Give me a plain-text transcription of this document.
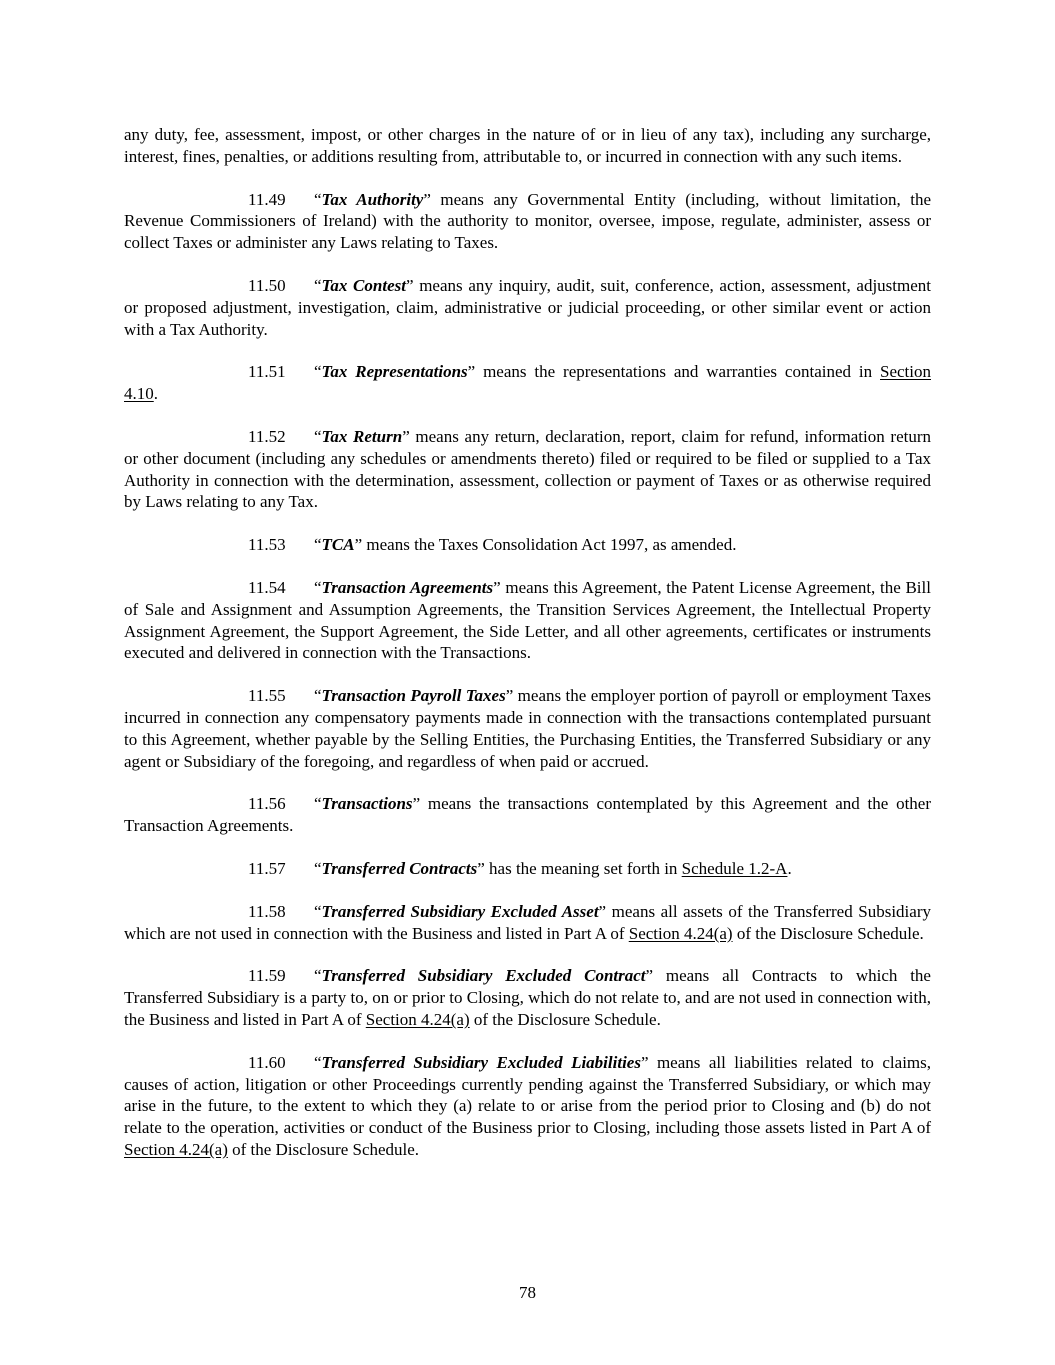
any duty, fee, assessment, impost, or other charges in the nature of or in lieu of any tax), including any surcharge, interest, fines, penalties, or additions resulting from, attributable to, or incurred in connection with any such items.

11.49 “Tax Authority” means any Governmental Entity (including, without limitation, the Revenue Commissioners of Ireland) with the authority to monitor, oversee, impose, regulate, administer, assess or collect Taxes or administer any Laws relating to Taxes.

11.50 “Tax Contest” means any inquiry, audit, suit, conference, action, assessment, adjustment or proposed adjustment, investigation, claim, administrative or judicial proceeding, or other similar event or action with a Tax Authority.

11.51 “Tax Representations” means the representations and warranties contained in Section 4.10.

11.52 “Tax Return” means any return, declaration, report, claim for refund, information return or other document (including any schedules or amendments thereto) filed or required to be filed or supplied to a Tax Authority in connection with the determination, assessment, collection or payment of Taxes or as otherwise required by Laws relating to any Tax.

11.53 “TCA” means the Taxes Consolidation Act 1997, as amended.

11.54 “Transaction Agreements” means this Agreement, the Patent License Agreement, the Bill of Sale and Assignment and Assumption Agreements, the Transition Services Agreement, the Intellectual Property Assignment Agreement, the Support Agreement, the Side Letter, and all other agreements, certificates or instruments executed and delivered in connection with the Transactions.

11.55 “Transaction Payroll Taxes” means the employer portion of payroll or employment Taxes incurred in connection any compensatory payments made in connection with the transactions contemplated pursuant to this Agreement, whether payable by the Selling Entities, the Purchasing Entities, the Transferred Subsidiary or any agent or Subsidiary of the foregoing, and regardless of when paid or accrued.

11.56 “Transactions” means the transactions contemplated by this Agreement and the other Transaction Agreements.

11.57 “Transferred Contracts” has the meaning set forth in Schedule 1.2-A.

11.58 “Transferred Subsidiary Excluded Asset” means all assets of the Transferred Subsidiary which are not used in connection with the Business and listed in Part A of Section 4.24(a) of the Disclosure Schedule.

11.59 “Transferred Subsidiary Excluded Contract” means all Contracts to which the Transferred Subsidiary is a party to, on or prior to Closing, which do not relate to, and are not used in connection with, the Business and listed in Part A of Section 4.24(a) of the Disclosure Schedule.

11.60 “Transferred Subsidiary Excluded Liabilities” means all liabilities related to claims, causes of action, litigation or other Proceedings currently pending against the Transferred Subsidiary, or which may arise in the future, to the extent to which they (a) relate to or arise from the period prior to Closing and (b) do not relate to the operation, activities or conduct of the Business prior to Closing, including those assets listed in Part A of Section 4.24(a) of the Disclosure Schedule.

78
